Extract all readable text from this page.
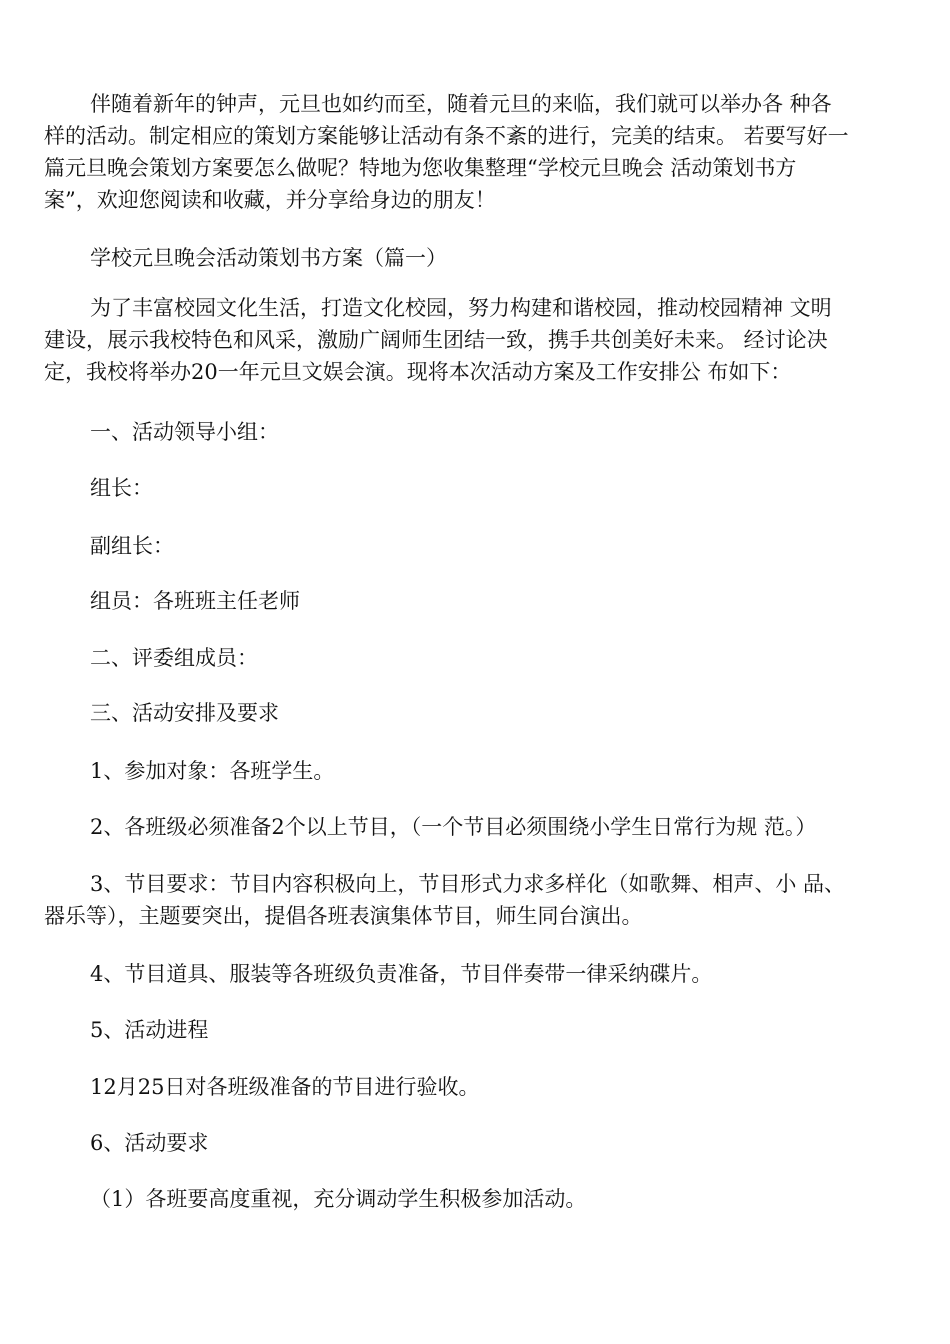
伴随着新年的钟声，元旦也如约而至，随着元旦的来临，我们就可以举办各 种各
样的活动。制定相应的策划方案能够让活动有条不紊的进行，完美的结束。 若要写好一
篇元旦晚会策划方案要怎么做呢？特地为您收集整理“学校元旦晚会 活动策划书方
案”，欢迎您阅读和收藏，并分享给身边的朋友！
学校元旦晚会活动策划书方案（篇一）
为了丰富校园文化生活，打造文化校园，努力构建和谐校园，推动校园精神 文明
建设，展示我校特色和风采，激励广阔师生团结一致，携手共创美好未来。 经讨论决
定，我校将举办20一年元旦文娱会演。现将本次活动方案及工作安排公 布如下：
一、活动领导小组：
组长：
副组长：
组员：各班班主任老师
二、评委组成员：
三、活动安排及要求
1、参加对象：各班学生。
2、各班级必须准备2个以上节目，（一个节目必须围绕小学生日常行为规 范。）
3、节目要求：节目内容积极向上，节目形式力求多样化（如歌舞、相声、小 品、
器乐等），主题要突出，提倡各班表演集体节目，师生同台演出。
4、节目道具、服装等各班级负责准备，节目伴奏带一律采纳碟片。
5、活动进程
12月25日对各班级准备的节目进行验收。
6、活动要求
（1）各班要高度重视，充分调动学生积极参加活动。
